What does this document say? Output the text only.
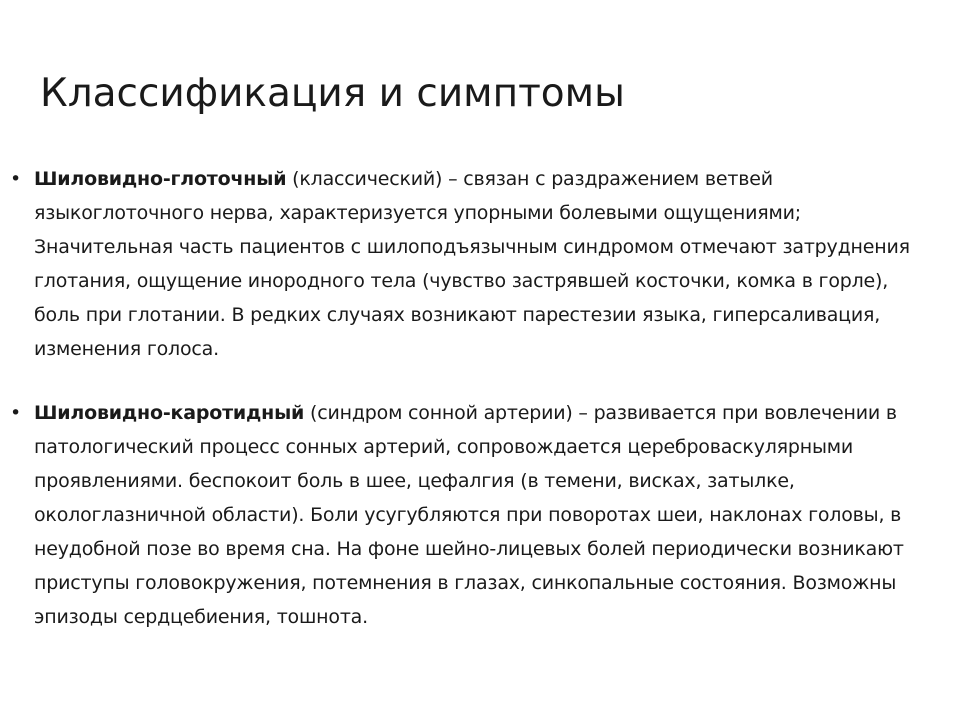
Классификация и симптомы
• Шиловидно-глоточный (классический) – связан с раздражением ветвей языкоглоточного нерва, характеризуется упорными болевыми ощущениями; Значительная часть пациентов с шилоподъязычным синдромом отмечают затруднения глотания, ощущение инородного тела (чувство застрявшей косточки, комка в горле), боль при глотании. В редких случаях возникают парестезии языка, гиперсаливация, изменения голоса.
• Шиловидно-каротидный (синдром сонной артерии) – развивается при вовлечении в патологический процесс сонных артерий, сопровождается цереброваскулярными проявлениями. беспокоит боль в шее, цефалгия (в темени, висках, затылке, окологлазничной области). Боли усугубляются при поворотах шеи, наклонах головы, в неудобной позе во время сна. На фоне шейно-лицевых болей периодически возникают приступы головокружения, потемнения в глазах, синкопальные состояния. Возможны эпизоды сердцебиения, тошнота.
